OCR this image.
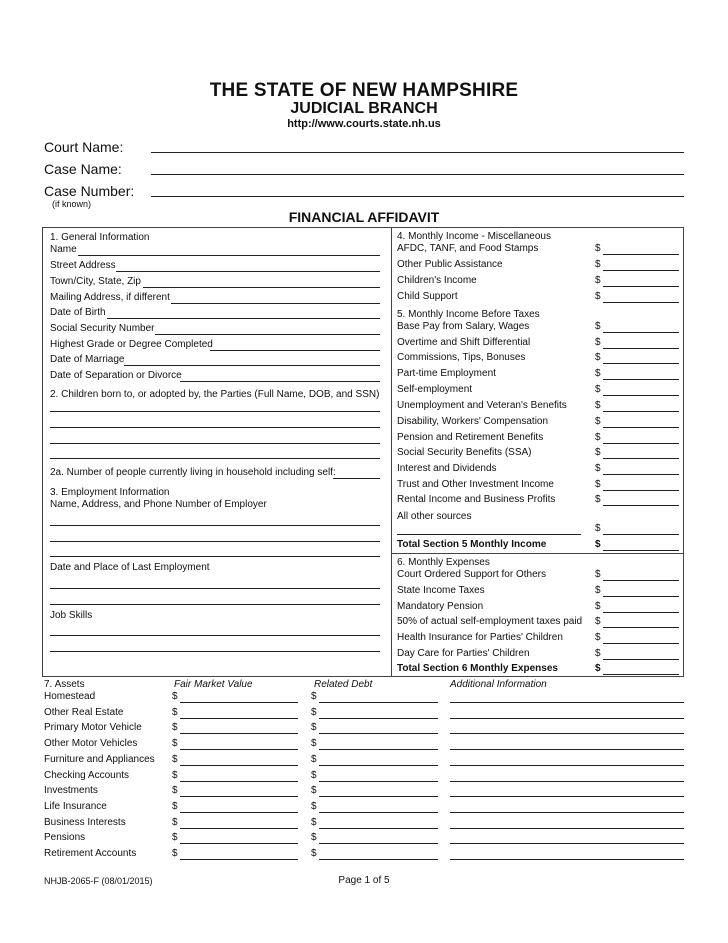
THE STATE OF NEW HAMPSHIRE
JUDICIAL BRANCH
http://www.courts.state.nh.us
Court Name:
Case Name:
Case Number:
(if known)
FINANCIAL AFFIDAVIT
1. General Information
Name
Street Address
Town/City, State, Zip
Mailing Address, if different
Date of Birth
Social Security Number
Highest Grade or Degree Completed
Date of Marriage
Date of Separation or Divorce
2. Children born to, or adopted by, the Parties (Full Name, DOB, and SSN)
2a. Number of people currently living in household including self:
3. Employment Information
Name, Address, and Phone Number of Employer
Date and Place of Last Employment
Job Skills
4. Monthly Income - Miscellaneous
AFDC, TANF, and Food Stamps	$
Other Public Assistance	$
Children's Income	$
Child Support	$
5. Monthly Income Before Taxes
Base Pay from Salary, Wages	$
Overtime and Shift Differential	$
Commissions, Tips, Bonuses	$
Part-time Employment	$
Self-employment	$
Unemployment and Veteran's Benefits	$
Disability, Workers' Compensation	$
Pension and Retirement Benefits	$
Social Security Benefits (SSA)	$
Interest and Dividends	$
Trust and Other Investment Income	$
Rental Income and Business Profits	$
All other sources
$
Total Section 5 Monthly Income	$
6. Monthly Expenses
Court Ordered Support for Others	$
State Income Taxes	$
Mandatory Pension	$
50% of actual self-employment taxes paid $
Health Insurance for Parties' Children	$
Day Care for Parties' Children	$
Total Section 6 Monthly Expenses	$
7. Assets	Fair Market Value	Related Debt	Additional Information
Homestead	$	$
Other Real Estate	$	$
Primary Motor Vehicle	$	$
Other Motor Vehicles	$	$
Furniture and Appliances $	$
Checking Accounts	$	$
Investments	$	$
Life Insurance	$	$
Business Interests	$	$
Pensions	$	$
Retirement Accounts	$	$
NHJB-2065-F (08/01/2015)	Page 1 of 5
